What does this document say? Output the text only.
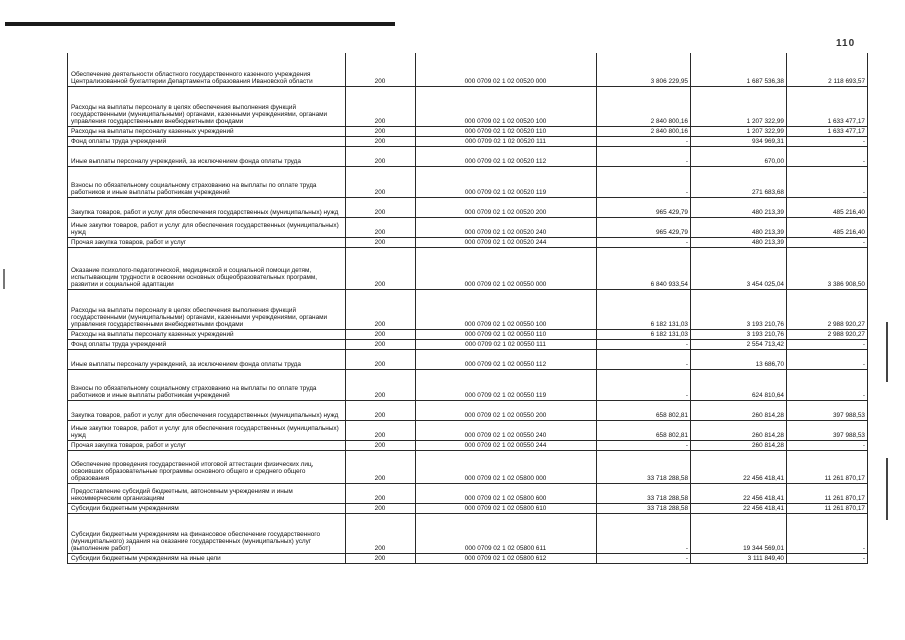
110
Обеспечение деятельности областного государственного казенного учреждения Централизованной бухгалтерии Департамента образования Ивановской области	200	000 0709 02 1 02 00520 000	3 806 229,95	1 687 536,38	2 118 693,57
Расходы на выплаты персоналу в целях обеспечения выполнения функций государственными (муниципальными) органами, казенными учреждениями, органами управления государственными внебюджетными фондами	200	000 0709 02 1 02 00520 100	2 840 800,16	1 207 322,99	1 633 477,17
Расходы на выплаты персоналу казенных учреждений	200	000 0709 02 1 02 00520 110	2 840 800,16	1 207 322,99	1 633 477,17
Фонд оплаты труда учреждений	200	000 0709 02 1 02 00520 111	-	934 969,31	-
Иные выплаты персоналу учреждений, за исключением фонда оплаты труда	200	000 0709 02 1 02 00520 112	-	670,00	-
Взносы по обязательному социальному страхованию на выплаты по оплате труда работников и иные выплаты работникам учреждений	200	000 0709 02 1 02 00520 119	-	271 683,68	-
Закупка товаров, работ и услуг для обеспечения государственных (муниципальных) нужд	200	000 0709 02 1 02 00520 200	965 429,79	480 213,39	485 216,40
Иные закупки товаров, работ и услуг для обеспечения государственных (муниципальных) нужд	200	000 0709 02 1 02 00520 240	965 429,79	480 213,39	485 216,40
Прочая закупка товаров, работ и услуг	200	000 0709 02 1 02 00520 244	-	480 213,39	-
Оказание психолого-педагогической, медицинской и социальной помощи детям, испытывающим трудности в освоении основных общеобразовательных программ, развитии и социальной адаптации	200	000 0709 02 1 02 00550 000	6 840 933,54	3 454 025,04	3 386 908,50
Расходы на выплаты персоналу в целях обеспечения выполнения функций государственными (муниципальными) органами, казенными учреждениями, органами управления государственными внебюджетными фондами	200	000 0709 02 1 02 00550 100	6 182 131,03	3 193 210,76	2 988 920,27
Расходы на выплаты персоналу казенных учреждений	200	000 0709 02 1 02 00550 110	6 182 131,03	3 193 210,76	2 988 920,27
Фонд оплаты труда учреждений	200	000 0709 02 1 02 00550 111	-	2 554 713,42	-
Иные выплаты персоналу учреждений, за исключением фонда оплаты труда	200	000 0709 02 1 02 00550 112	-	13 686,70	-
Взносы по обязательному социальному страхованию на выплаты по оплате труда работников и иные выплаты работникам учреждений	200	000 0709 02 1 02 00550 119	-	624 810,64	-
Закупка товаров, работ и услуг для обеспечения государственных (муниципальных) нужд	200	000 0709 02 1 02 00550 200	658 802,81	260 814,28	397 988,53
Иные закупки товаров, работ и услуг для обеспечения государственных (муниципальных) нужд	200	000 0709 02 1 02 00550 240	658 802,81	260 814,28	397 988,53
Прочая закупка товаров, работ и услуг	200	000 0709 02 1 02 00550 244	-	260 814,28	-
Обеспечение проведения государственной итоговой аттестации физических лиц, освоивших образовательные программы основного общего и среднего общего образования	200	000 0709 02 1 02 05800 000	33 718 288,58	22 456 418,41	11 261 870,17
Предоставление субсидий бюджетным, автономным учреждениям и иным некоммерческим организациям	200	000 0709 02 1 02 05800 600	33 718 288,58	22 456 418,41	11 261 870,17
Субсидии бюджетным учреждениям	200	000 0709 02 1 02 05800 610	33 718 288,58	22 456 418,41	11 261 870,17
Субсидии бюджетным учреждениям на финансовое обеспечение государственного (муниципального) задания на оказание государственных (муниципальных) услуг (выполнение работ)	200	000 0709 02 1 02 05800 611	-	19 344 569,01	-
Субсидии бюджетным учреждениям на иные цели	200	000 0709 02 1 02 05800 612	-	3 111 849,40	-
